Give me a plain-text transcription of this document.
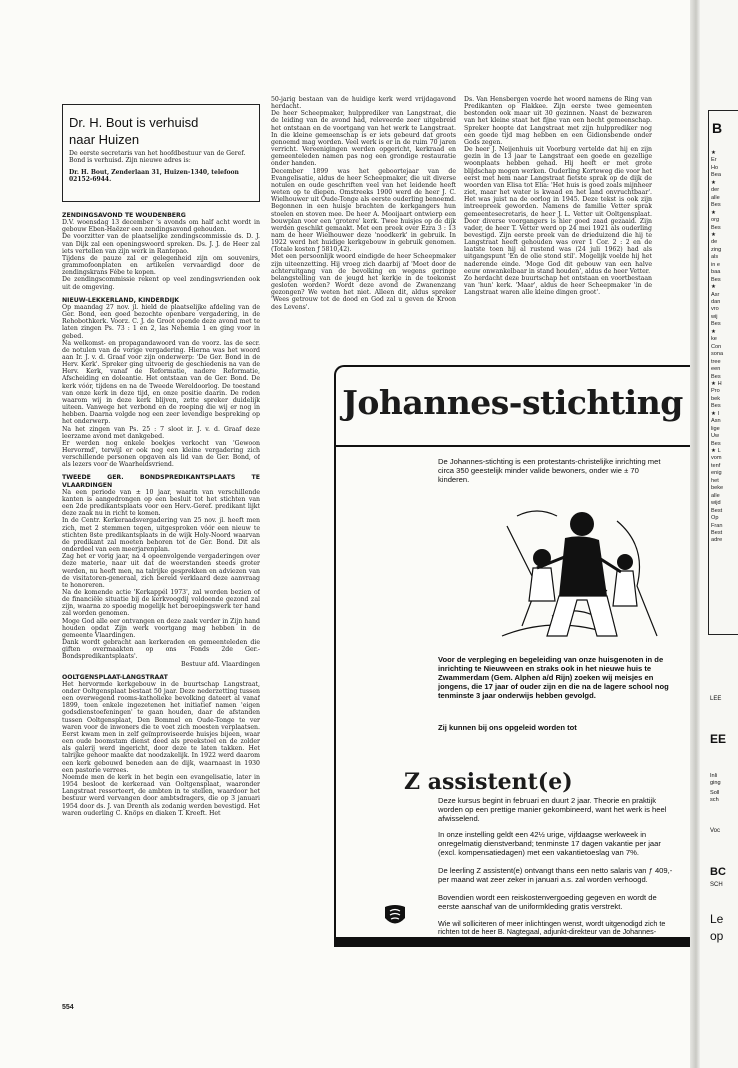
Dr. H. Bout is verhuisd
naar Huizen
De eerste secretaris van het hoofdbestuur van de Geref. Bond is verhuisd. Zijn nieuwe adres is:
Dr. H. Bout, Zenderlaan 31, Huizen-1340, telefoon 02152-6944.
ZENDINGSAVOND TE WOUDENBERG

D.V. woensdag 13 december 's avonds om half acht wordt in gebouw Eben-Haëzer een zendingsavond gehouden.

De voorzitter van de plaatselijke zendingscommissie ds. D. J. van Dijk zal een openingswoord spreken. Ds. J. J. de Heer zal iets vertellen van zijn werk in Rantepao.

Tijdens de pauze zal er gelegenheid zijn om souvenirs, grammofoonplaten en artikelen vervaardigd door de zendingskrans Fébe te kopen.

De zendingscommissie rekent op veel zendingsvrienden ook uit de omgeving.

NIEUW-LEKKERLAND, KINDERDIJK

Op maandag 27 nov. jl. hield de plaatselijke afdeling van de Ger. Bond, een goed bezochte openbare vergadering, in de Rehobothkerk. Voorz. C. J. de Groot opende deze avond met te laten zingen Ps. 73 : 1 en 2, las Nehemia 1 en ging voor in gebed.

Na welkomst- en propagandawoord van de voorz. las de secr. de notulen van de vorige vergadering. Hierna was het woord aan Ir. J. v. d. Graaf voor zijn onderwerp: 'De Ger. Bond in de Herv. Kerk'. Spreker ging uitvoerig de geschiedenis na van de Herv. Kerk, vanaf de Reformatie, nadere Reformatie, Afscheiding en doleantie. Het ontstaan van de Ger. Bond. De kerk vóór, tijdens en na de Tweede Wereldoorlog. De toestand van onze kerk in deze tijd, en onze positie daarin. De roden waarom wij in deze kerk blijven, zette spreker duidelijk uiteen. Vanwege het verbond en de roeping die wij er nog in hebben. Daarna volgde nog een zeer levendige bespreking op het onderwerp.

Na het zingen van Ps. 25 : 7 sloot ir. J. v. d. Graaf deze leerzame avond met dankgebed.

Er werden nog enkele boekjes verkocht van 'Gewoon Hervormd', terwijl er ook nog een kleine vergadering zich verschillende personen opgaven als lid van de Ger. Bond, of als lezers voor de Waarheidsvriend.

TWEEDE GER. BONDSPREDIKANTSPLAATS TE VLAARDINGEN

Na een periode van ± 10 jaar, waarin van verschillende kanten is aangedrongen op een besluit tot het stichten van een 2de predikantsplaats voor een Herv.-Geref. predikant lijkt deze zaak nu in richt te komen.

In de Centr. Kerkeraadsvergadering van 25 nov. jl. heeft men zich, met 2 stemmen tegen, uitgesproken vóór een nieuw te stichten 8ste predikantsplaats in de wijk Holy-Noord waarvan de predikant zal moeten behoren tot de Ger. Bond. Dit als onderdeel van een meerjarenplan.

Zag het er vorig jaar, na 4 opeenvolgende vergaderingen over deze materie, naar uit dat de weerstanden steeds groter werden, nu heeft men, na talrijke gesprekken en adviezen van de visitatoren-generaal, zich bereid verklaard deze aanvraag te honoreren.

Na de komende actie 'Kerkappél 1973', zal worden bezien of de financiële situatie bij de kerkvoogdij voldoende gezond zal zijn, waarna zo spoedig mogelijk het beroepingswerk ter hand zal worden genomen.

Moge God alle eer ontvangen en deze zaak verder in Zijn hand houden opdat Zijn werk voortgang mag hebben in de gemeente Vlaardingen.

Dank wordt gebracht aan kerkeraden en gemeenteleden die giften overmaakten op ons 'Fonds 2de Ger.-Bondspredikantsplaats'.

Bestuur afd. Vlaardingen

OOLTGENSPLAAT-LANGSTRAAT

Het hervormde kerkgebouw in de buurtschap Langstraat, onder Ooltgensplaat bestaat 50 jaar. Deze nederzetting tussen een overwegend rooms-katholieke bevolking dateert al vanaf 1899, toen enkele ingezetenen het initiatief namen 'eigen godsdienstoefeningen' te gaan houden, daar de afstanden tussen Ooltgensplaat, Den Bommel en Oude-Tonge te ver waren voor de inwoners die te voet zich moesten verplaatsen. Eerst kwam men in zelf geïmproviseerde huisjes bijeen, waar een oude boomstam dienst deed als preekstoel en de zolder als galerij werd ingericht, door deze te laten takken. Het talrijke gehoor maakte dat noodzakelijk. In 1922 werd daarom een kerk gebouwd beneden aan de dijk, waarnaast in 1930 een pastorie verrees.

Noemde men de kerk in het begin een evangelisatie, later in 1954 besloot de kerkeraad van Ooltgensplaat, waaronder Langstraat ressorteert, de ambten in te stellen, waardoor het bestuur werd vervangen door ambtsdragers, die op 3 januari 1954 door ds. J. van Drenth als zodanig werden bevestigd. Het waren ouderling C. Knöps en diaken T. Kreeft. Het

50-jarig bestaan van de huidige kerk werd vrijdagavond herdacht.

De heer Scheepmaker, hulpprediker van Langstraat, die de leiding van de avond had, releveerde zeer uitgebreid het ontstaan en de voortgang van het werk te Langstraat. In die kleine gemeenschap is er iets gebeurd dat groots genoemd mag worden. Veel werk is er in de ruim 70 jaren verricht. Vereenigingen werden opgericht, kerkraad en gemeenteleden namen pas nog een grondige restauratie onder handen.

December 1899 was het geboortejaar van de Evangelisatie, aldus de heer Scheepmaker, die uit diverse notulen en oude geschriften veel van het leidende heeft weten op te diepen. Omstreeks 1900 werd de heer J. C. Wielhouwer uit Oude-Tonge als eerste ouderling benoemd. Begonnen in een huisje brachten de kerkgangers hun stoelen en stoven mee. De heer A. Mooijaart ontwierp een bouwplan voor een 'grotere' kerk. Twee huisjes op de dijk werden geschikt gemaakt. Met een preek over Ezra 3 : 13 nam de heer Wielhouwer deze 'noodkerk' in gebruik. In 1922 werd het huidige kerkgebouw in gebruik genomen. (Totale kosten ƒ 5810,42).

Met een persoonlijk woord eindigde de heer Scheepmaker zijn uiteenzetting. Hij vroeg zich daarbij af 'Moet door de achteruitgang van de bevolking en wegens geringe belangstelling van de jeugd het kerkje in de toekomst gesloten worden? Wordt deze avond de Zwanenzang gezongen? We weten het niet. Alleen dit, aldus spreker 'Wees getrouw tot de dood en God zal u geven de Kroon des Levens'.

Ds. Van Hensbergen voerde het woord namens de Ring van Predikanten op Flakkee. Zijn eerste twee gemeenten bestonden ook maar uit 30 gezinnen. Naast de bezwaren van het kleine staat het fijne van een hecht gemeenschap. Spreker hoopte dat Langstraat met zijn hulpprediker nog een goede tijd mag hebben en een Gidionsbende onder Gods zegen.

De heer J. Neijenhuis uit Voorburg vertelde dat hij en zijn gezin in de 13 jaar te Langstraat een goede en gezellige woonplaats hebben gehad. Hij heeft er met grote blijdschap mogen werken. Ouderling Korteweg die voor het eerst met hem naar Langstraat fietste sprak op de dijk de woorden van Elisa tot Elia: 'Het huis is goed zoals mijnheer ziet, maar het water is kwaad en het land onvruchtbaar'. Het was juist na de oorlog in 1945. Deze tekst is ook zijn intreepreek geworden. Namens de familie Vetter sprak gemeentesecretaris, de heer J. L. Vetter uit Ooltgensplaat. Door diverse voorgangers is hier goed zaad gezaaid. Zijn vader, de heer T. Vetter werd op 24 mei 1921 als ouderling bevestigd. Zijn eerste preek van de drieduizend die hij te Langstraat heeft gehouden was over 1 Cor. 2 : 2 en de laatste toen hij al rustend was (24 juli 1962) had als uitgangspunt 'En de olie stond stil'. Mogelijk voelde hij het naderende einde. 'Moge God dit gebouw van een halve eeuw onwankelbaar in stand houden', aldus de heer Vetter.

Zo herdacht deze buurtschap het ontstaan en voortbestaan van 'hun' kerk. 'Maar', aldus de heer Scheepmaker 'in de Langstraat waren alle kleine dingen groot'.

Johannes-stichting
De Johannes-stichting is een protestants-christelijke inrichting met circa 350 geestelijk minder valide bewoners, onder wie ± 70 kinderen.
Voor de verpleging en begeleiding van onze huisgenoten in de inrichting te Nieuwveen en straks ook in het nieuwe huis te Zwammerdam (Gem. Alphen a/d Rijn) zoeken wij meisjes en jongens, die 17 jaar of ouder zijn en die na de lagere school nog tenminste 3 jaar onderwijs hebben gevolgd.
Zij kunnen bij ons opgeleid worden tot
Z assistent(e)
Deze kursus begint in februari en duurt 2 jaar. Theorie en praktijk worden op een prettige manier gekombineerd, want het werk is heel afwisselend.
In onze instelling geldt een 42½ urige, vijfdaagse werkweek in onregelmatig dienstverband; tenminste 17 dagen vakantie per jaar (excl. kompensatiedagen) met een vakantietoeslag van 7%.
De leerling Z assistent(e) ontvangt thans een netto salaris van ƒ 409,- per maand wat zeer zeker in januari a.s. zal worden verhoogd.
Bovendien wordt een reiskostenvergoeding gegeven en wordt de eerste aanschaf van de uniformkleding gratis verstrekt.
Wie wil solliciteren of meer inlichtingen wenst, wordt uitgenodigd zich te richten tot de heer B. Nagtegaal, adjunkt-direkteur van de Johannes-
554
B
★
Er
Ho
Bea
★
der
alle
Bes
★
org
Bes
★
de
zing
als
in e
baa
Bes
★
Asr
dan
vro
wij
Bes
★
ke
Con
sona
tree
een
Bes
★ H
Pro
bek
Bes
★ I
Asn
lige
Uw
Bes
★ L
vom
tenf
enig
het
beke
alle
wijd
Best
Op
Fran
Best
adre
LEE
EE
Inli
ging
Soll
sch
Voc
BC
SCH
Le
op
